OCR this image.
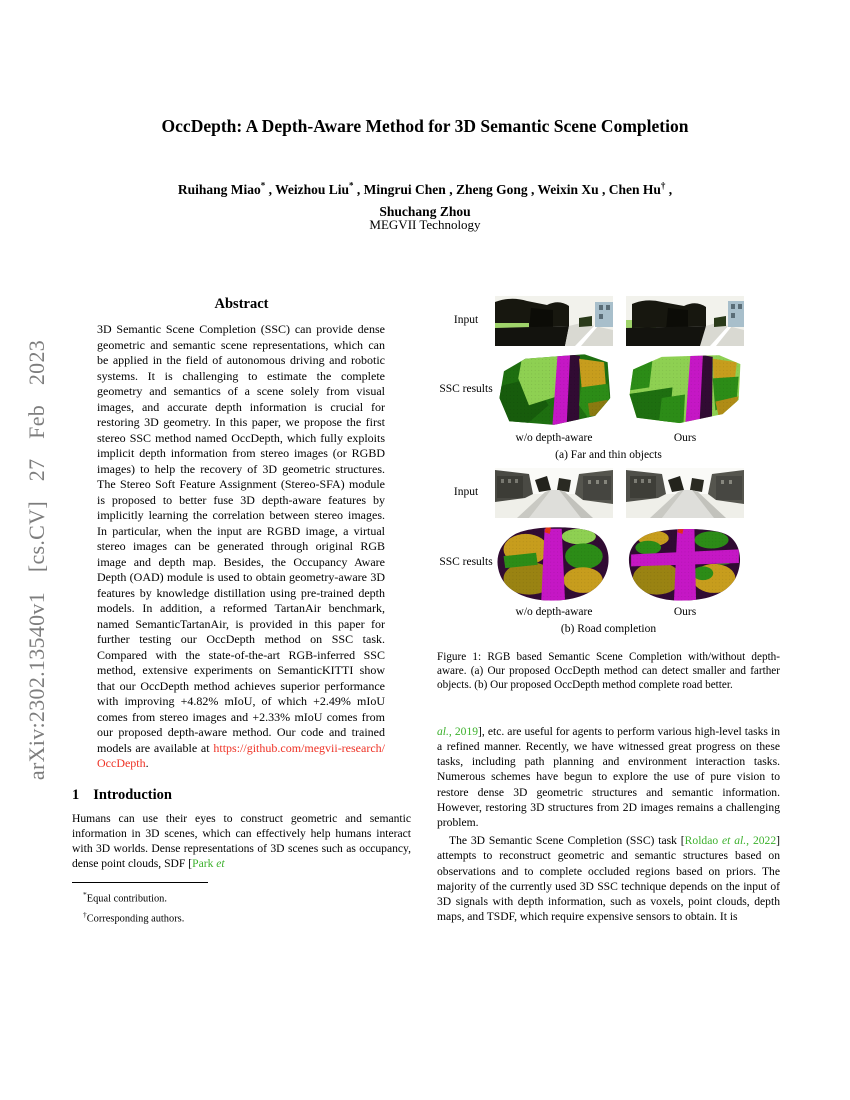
arXiv:2302.13540v1 [cs.CV] 27 Feb 2023
OccDepth: A Depth-Aware Method for 3D Semantic Scene Completion
Ruihang Miao* , Weizhou Liu* , Mingrui Chen , Zheng Gong , Weixin Xu , Chen Hu† , Shuchang Zhou
MEGVII Technology
Abstract
3D Semantic Scene Completion (SSC) can provide dense geometric and semantic scene representations, which can be applied in the field of autonomous driving and robotic systems. It is challenging to estimate the complete geometry and semantics of a scene solely from visual images, and accurate depth information is crucial for restoring 3D geometry. In this paper, we propose the first stereo SSC method named OccDepth, which fully exploits implicit depth information from stereo images (or RGBD images) to help the recovery of 3D geometric structures. The Stereo Soft Feature Assignment (Stereo-SFA) module is proposed to better fuse 3D depth-aware features by implicitly learning the correlation between stereo images. In particular, when the input are RGBD image, a virtual stereo images can be generated through original RGB image and depth map. Besides, the Occupancy Aware Depth (OAD) module is used to obtain geometry-aware 3D features by knowledge distillation using pre-trained depth models. In addition, a reformed TartanAir benchmark, named SemanticTartanAir, is provided in this paper for further testing our OccDepth method on SSC task. Compared with the state-of-the-art RGB-inferred SSC method, extensive experiments on SemanticKITTI show that our OccDepth method achieves superior performance with improving +4.82% mIoU, of which +2.49% mIoU comes from stereo images and +2.33% mIoU comes from our proposed depth-aware method. Our code and trained models are available at https://github.com/megvii-research/OccDepth.
1 Introduction

Humans can use their eyes to construct geometric and semantic information in 3D scenes, which can effectively help humans interact with 3D worlds. Dense representations of 3D scenes such as occupancy, dense point clouds, SDF [Park et

*Equal contribution.
†Corresponding authors.
Input
SSC results
w/o depth-aware	Ours
(a) Far and thin objects
Input
SSC results
w/o depth-aware	Ours
(b) Road completion
Figure 1: RGB based Semantic Scene Completion with/without depth-aware. (a) Our proposed OccDepth method can detect smaller and farther objects. (b) Our proposed OccDepth method complete road better.

al., 2019], etc. are useful for agents to perform various high-level tasks in a refined manner. Recently, we have witnessed great progress on these tasks, including path planning and environment interaction tasks. Numerous schemes have begun to explore the use of pure vision to restore dense 3D geometric structures and semantic information. However, restoring 3D structures from 2D images remains a challenging problem.

The 3D Semantic Scene Completion (SSC) task [Roldao et al., 2022] attempts to reconstruct geometric and semantic structures based on observations and to complete occluded regions based on priors. The majority of the currently used 3D SSC technique depends on the input of 3D signals with depth information, such as voxels, point clouds, depth maps, and TSDF, which require expensive sensors to obtain. It is
